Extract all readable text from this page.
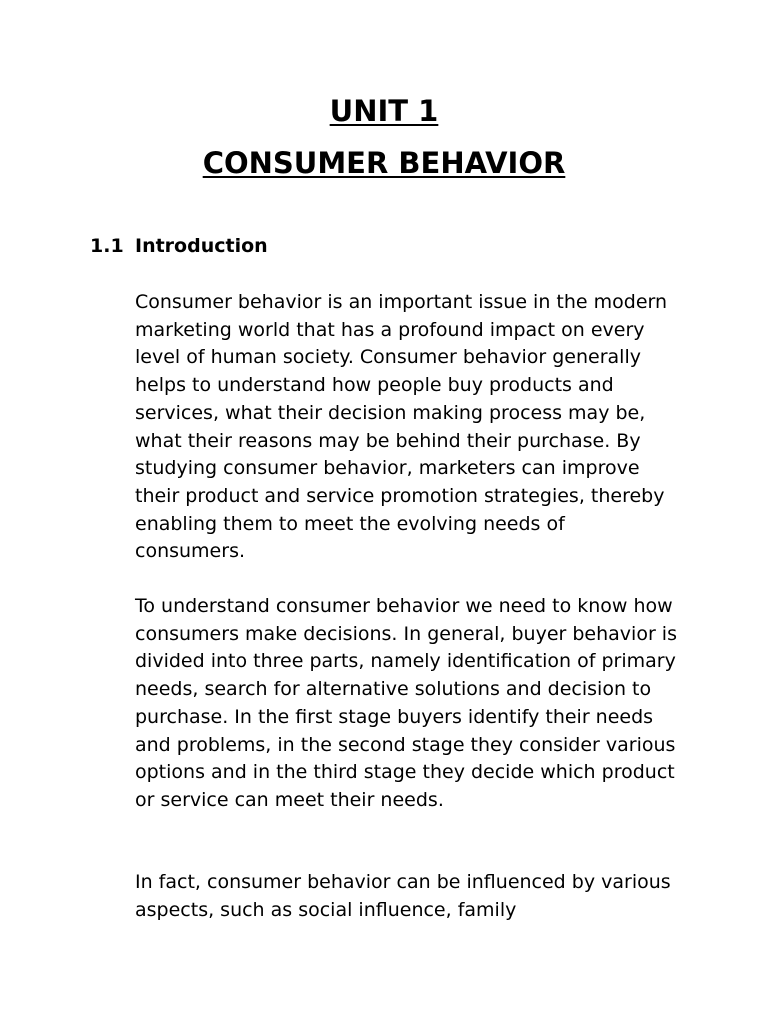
UNIT 1
CONSUMER BEHAVIOR
1.1 Introduction

Consumer behavior is an important issue in the modern marketing world that has a profound impact on every level of human society. Consumer behavior generally helps to understand how people buy products and services, what their decision making process may be, what their reasons may be behind their purchase. By studying consumer behavior, marketers can improve their product and service promotion strategies, thereby enabling them to meet the evolving needs of consumers.

To understand consumer behavior we need to know how consumers make decisions. In general, buyer behavior is divided into three parts, namely identification of primary needs, search for alternative solutions and decision to purchase. In the first stage buyers identify their needs and problems, in the second stage they consider various options and in the third stage they decide which product or service can meet their needs.

In fact, consumer behavior can be influenced by various aspects, such as social influence, family
